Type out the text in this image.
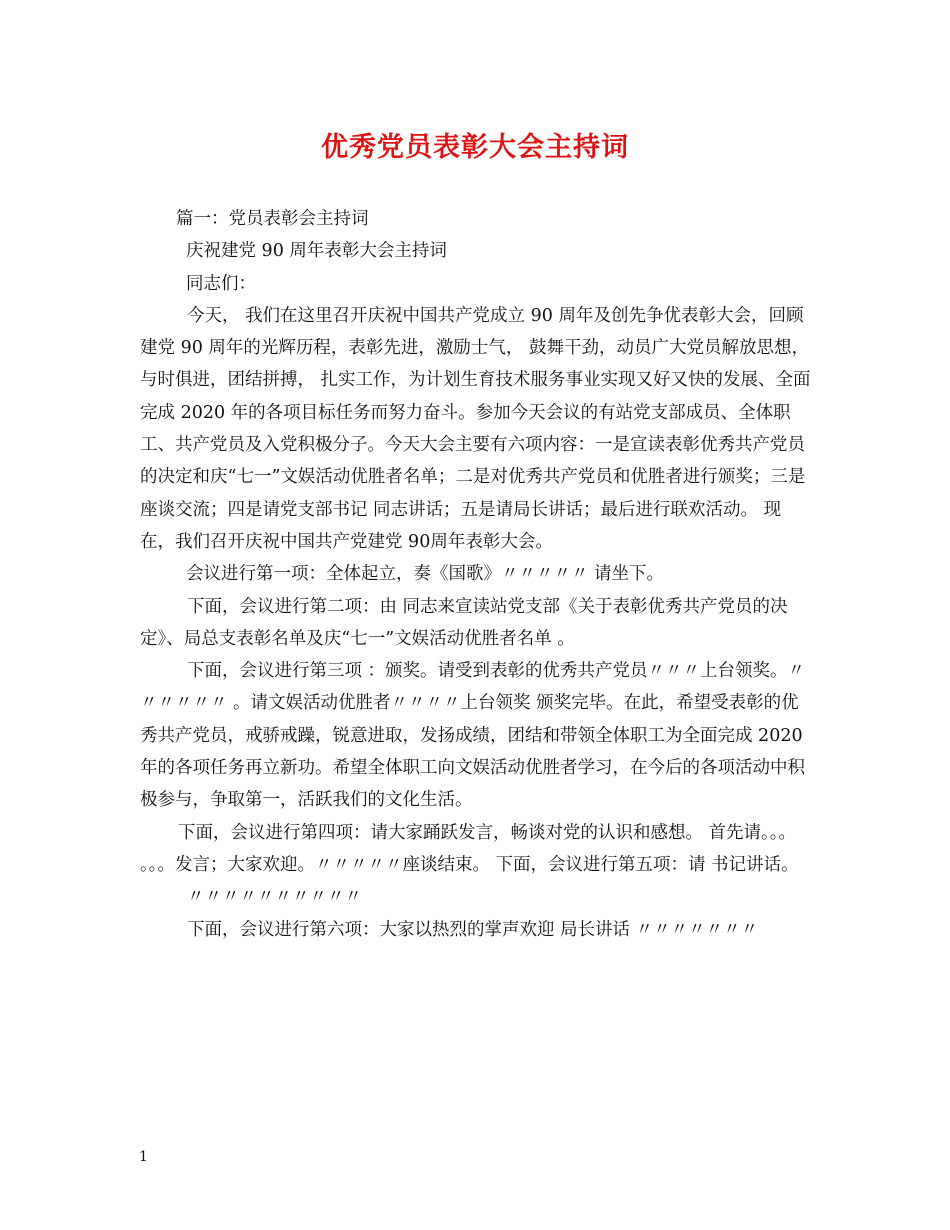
优秀党员表彰大会主持词

篇一：党员表彰会主持词

庆祝建党 90 周年表彰大会主持词

同志们：

今天， 我们在这里召开庆祝中国共产党成立 90 周年及创先争优表彰大会，回顾建党 90 周年的光辉历程，表彰先进，激励士气， 鼓舞干劲，动员广大党员解放思想，与时俱进，团结拼搏， 扎实工作，为计划生育技术服务事业实现又好又快的发展、全面完成 2020 年的各项目标任务而努力奋斗。参加今天会议的有站党支部成员、全体职工、共产党员及入党积极分子。今天大会主要有六项内容：一是宣读表彰优秀共产党员的决定和庆“七一”文娱活动优胜者名单；二是对优秀共产党员和优胜者进行颁奖；三是座谈交流；四是请党支部书记 同志讲话；五是请局长讲话；最后进行联欢活动。 现在，我们召开庆祝中国共产党建党 90周年表彰大会。

会议进行第一项：全体起立，奏《国歌》〃〃〃〃〃 请坐下。

下面，会议进行第二项：由 同志来宣读站党支部《关于表彰优秀共产党员的决定》、局总支表彰名单及庆“七一”文娱活动优胜者名单 。

下面，会议进行第三项 ：颁奖。请受到表彰的优秀共产党员〃〃〃上台领奖。〃〃〃〃〃〃 。请文娱活动优胜者〃〃〃〃上台领奖 颁奖完毕。在此，希望受表彰的优秀共产党员，戒骄戒躁，锐意进取，发扬成绩，团结和带领全体职工为全面完成 2020 年的各项任务再立新功。希望全体职工向文娱活动优胜者学习，在今后的各项活动中积极参与，争取第一，活跃我们的文化生活。

下面，会议进行第四项：请大家踊跃发言，畅谈对党的认识和感想。 首先请。。。 。。。发言；大家欢迎。〃〃〃〃〃座谈结束。 下面，会议进行第五项：请 书记讲话。

〃〃〃〃〃〃〃〃〃〃

下面，会议进行第六项：大家以热烈的掌声欢迎 局长讲话 〃〃〃〃〃〃〃

1
